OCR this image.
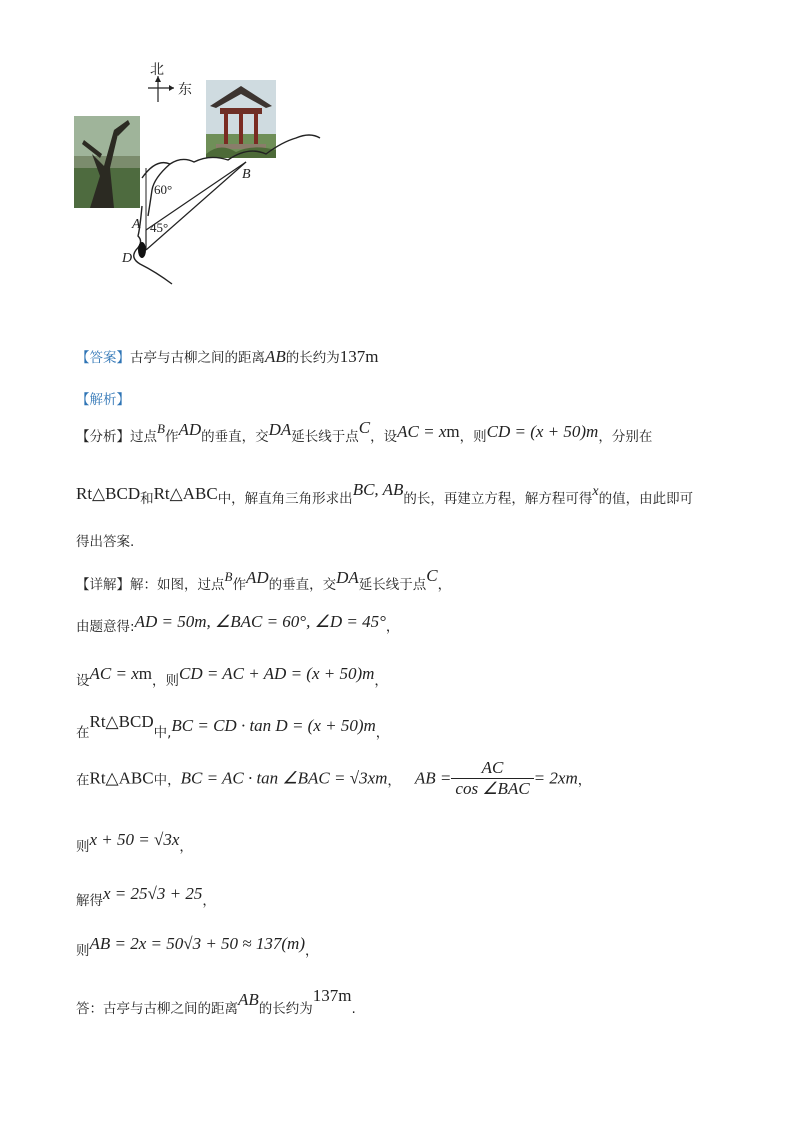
北
东
60°
45°
A
B
D
【答案】古亭与古柳之间的距离AB的长约为137m
【解析】
【分析】过点B作AD的垂直，交DA延长线于点C，设AC = xm，则CD = (x + 50)m，分别在
Rt△BCD和Rt△ABC中，解直角三角形求出BC, AB的长，再建立方程，解方程可得x的值，由此即可
得出答案.
【详解】解：如图，过点B作AD的垂直，交DA延长线于点C，
由题意得:AD = 50m, ∠BAC = 60°, ∠D = 45°，
设AC = xm，则CD = AC + AD = (x + 50)m，
在Rt△BCD中,BC = CD · tan D = (x + 50)m，
在Rt△ABC中，BC = AC · tan ∠BAC = √3xm， AB = $\frac{AC}{\text{cos ∠BAC}} = 2xm$，
则x + 50 = √3x，
解得x = 25√3 + 25，
则AB = 2x = 50√3 + 50 ≈ 137(m)，
答：古亭与古柳之间的距离AB的长约为137m.
